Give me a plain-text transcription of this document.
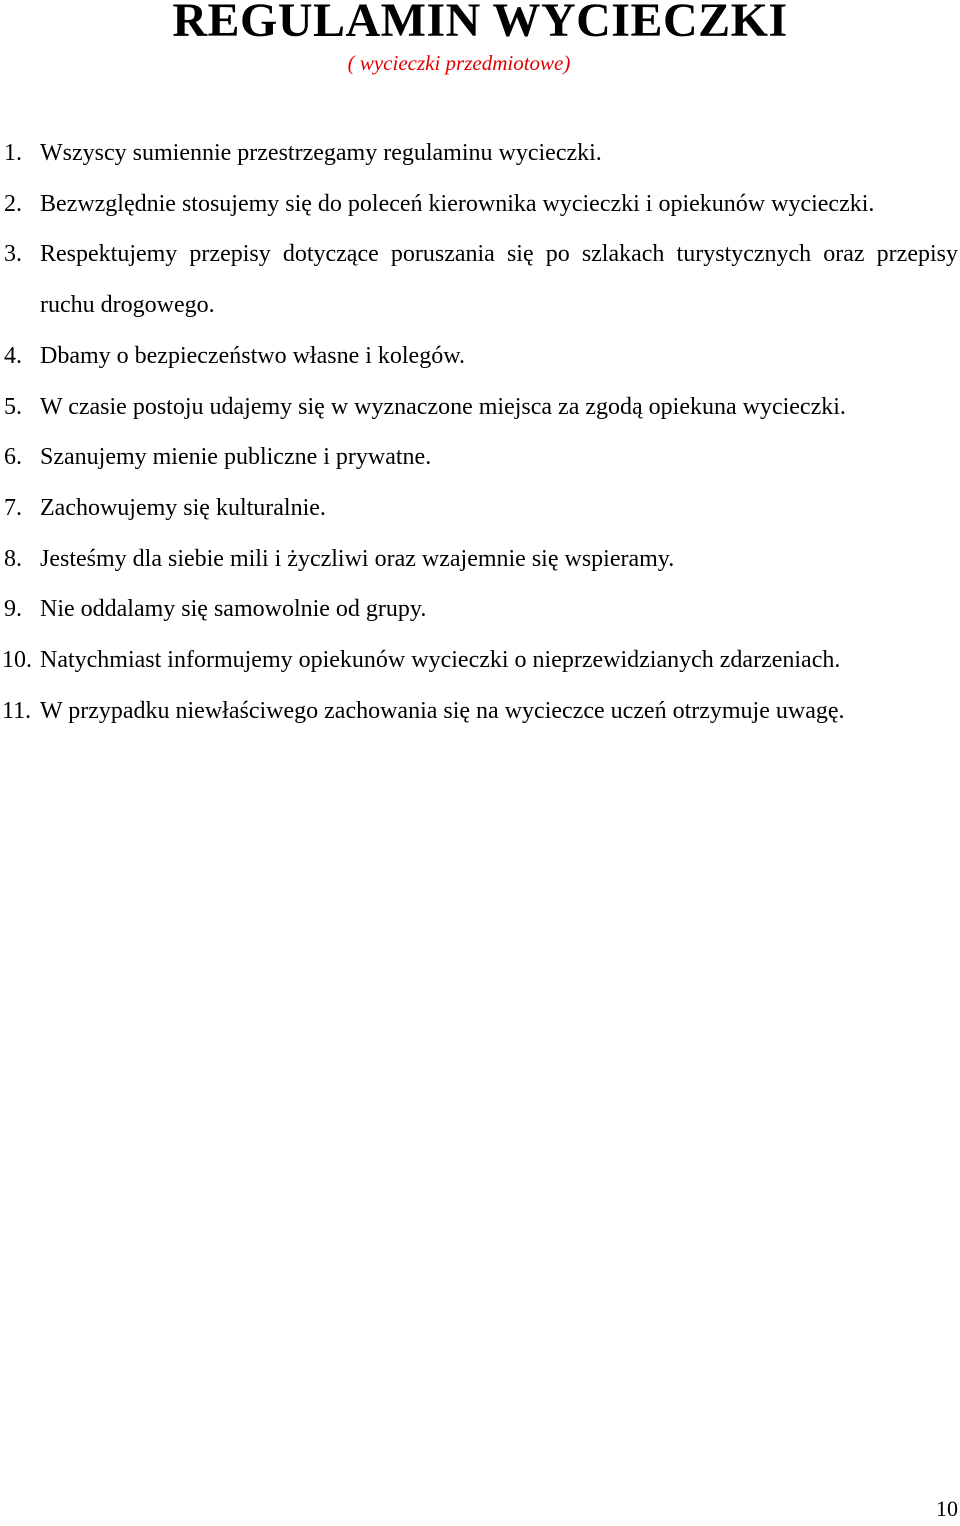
REGULAMIN WYCIECZKI
( wycieczki przedmiotowe)
1. Wszyscy sumiennie przestrzegamy regulaminu wycieczki.
2. Bezwzględnie stosujemy się do poleceń kierownika wycieczki i opiekunów wycieczki.
3. Respektujemy przepisy dotyczące poruszania się po szlakach turystycznych oraz przepisy ruchu drogowego.
4. Dbamy o bezpieczeństwo własne i kolegów.
5. W czasie postoju udajemy się w wyznaczone miejsca za zgodą opiekuna wycieczki.
6. Szanujemy mienie publiczne i prywatne.
7. Zachowujemy się kulturalnie.
8. Jesteśmy dla siebie mili i życzliwi oraz wzajemnie się wspieramy.
9. Nie oddalamy się samowolnie od grupy.
10. Natychmiast informujemy opiekunów wycieczki o nieprzewidzianych zdarzeniach.
11. W przypadku niewłaściwego zachowania się na wycieczce uczeń otrzymuje uwagę.
10
